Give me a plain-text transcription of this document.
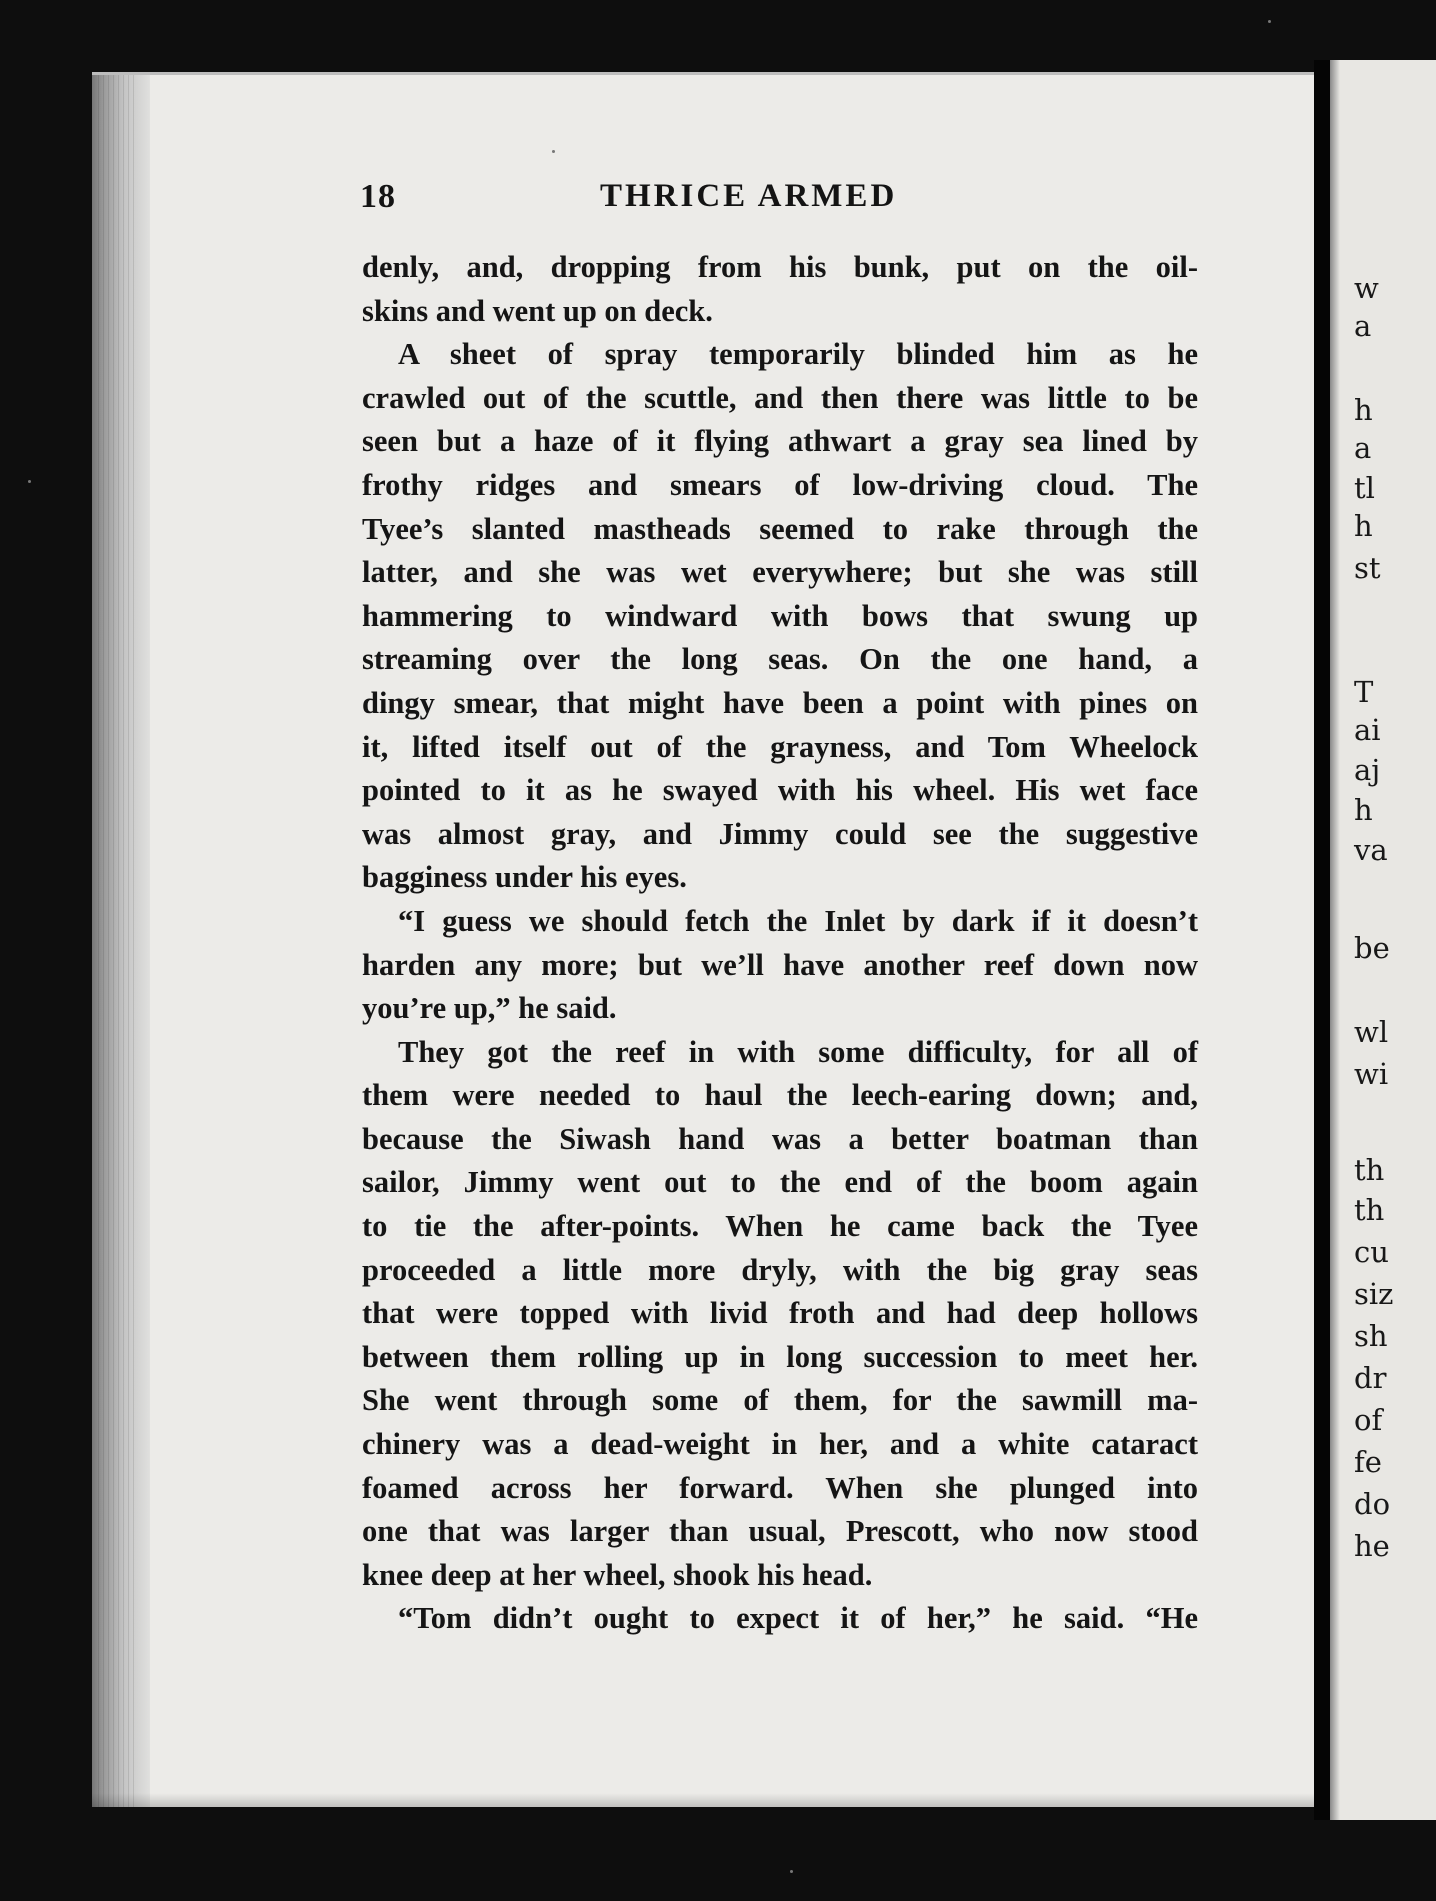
w
a
h
a
tl
h
st
T
ai
aj
h
va
be
wl
wi
th
th
cu
siz
sh
dr
of
fe
do
he
18	THRICE ARMED
denly, and, dropping from his bunk, put on the oil-
skins and went up on deck.
A sheet of spray temporarily blinded him as he
crawled out of the scuttle, and then there was little to be
seen but a haze of it flying athwart a gray sea lined by
frothy ridges and smears of low-driving cloud. The
Tyee’s slanted mastheads seemed to rake through the
latter, and she was wet everywhere; but she was still
hammering to windward with bows that swung up
streaming over the long seas. On the one hand, a
dingy smear, that might have been a point with pines on
it, lifted itself out of the grayness, and Tom Wheelock
pointed to it as he swayed with his wheel. His wet face
was almost gray, and Jimmy could see the suggestive
bagginess under his eyes.
“I guess we should fetch the Inlet by dark if it doesn’t
harden any more; but we’ll have another reef down now
you’re up,” he said.
They got the reef in with some difficulty, for all of
them were needed to haul the leech-earing down; and,
because the Siwash hand was a better boatman than
sailor, Jimmy went out to the end of the boom again
to tie the after-points. When he came back the Tyee
proceeded a little more dryly, with the big gray seas
that were topped with livid froth and had deep hollows
between them rolling up in long succession to meet her.
She went through some of them, for the sawmill ma-
chinery was a dead-weight in her, and a white cataract
foamed across her forward. When she plunged into
one that was larger than usual, Prescott, who now stood
knee deep at her wheel, shook his head.
“Tom didn’t ought to expect it of her,” he said. “He
